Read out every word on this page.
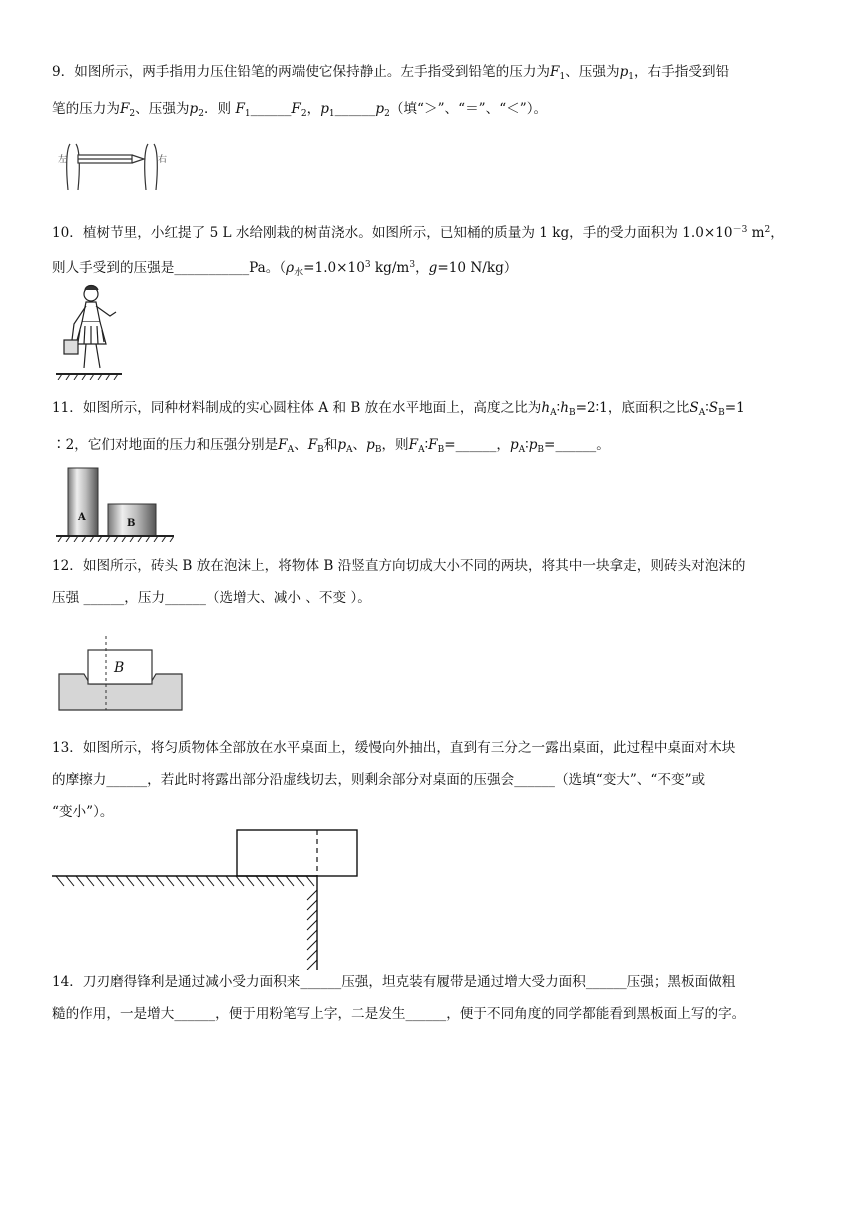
9．如图所示，两手指用力压住铅笔的两端使它保持静止。左手指受到铅笔的压力为$F_1$、压强为$p_1$，右手指受到铅

笔的压力为$F_2$、压强为$p_2$．则 $F_1\_\_\_\_\_\_F_2$，$p_1\_\_\_\_\_\_p_2$（填“＞”、“＝”、“＜”）。

左	右

10．植树节里，小红提了 5 L 水给刚栽的树苗浇水。如图所示，已知桶的质量为 1 kg，手的受力面积为 $1.0\times 10^{-3}$ $m^2$，

则人手受到的压强是___________Pa。（$\rho_水=1.0\times 10^3$ $kg/m^3$，g=10 N/kg）

11．如图所示，同种材料制成的实心圆柱体 A 和 B 放在水平地面上，高度之比为$h_A∶h_B=2∶1$，底面积之比$S_A∶S_B=1$

∶2，它们对地面的压力和压强分别是$F_A$、$F_B$和$p_A$、$p_B$，则$F_A∶F_B=\_\_\_\_\_\_$，$p_A∶p_B=\_\_\_\_\_\_$。

A
B

12．如图所示，砖头 B 放在泡沫上，将物体 B 沿竖直方向切成大小不同的两块，将其中一块拿走，则砖头对泡沫的

压强 ______，压力______（选增大、减小 、不变 ）。

B

13．如图所示，将匀质物体全部放在水平桌面上，缓慢向外抽出，直到有三分之一露出桌面，此过程中桌面对木块

的摩擦力______，若此时将露出部分沿虚线切去，则剩余部分对桌面的压强会______（选填“变大”、“不变”或

“变小”）。

14．刀刃磨得锋利是通过减小受力面积来______压强，坦克装有履带是通过增大受力面积______压强；黑板面做粗

糙的作用，一是增大______，便于用粉笔写上字，二是发生______，便于不同角度的同学都能看到黑板面上写的字。
